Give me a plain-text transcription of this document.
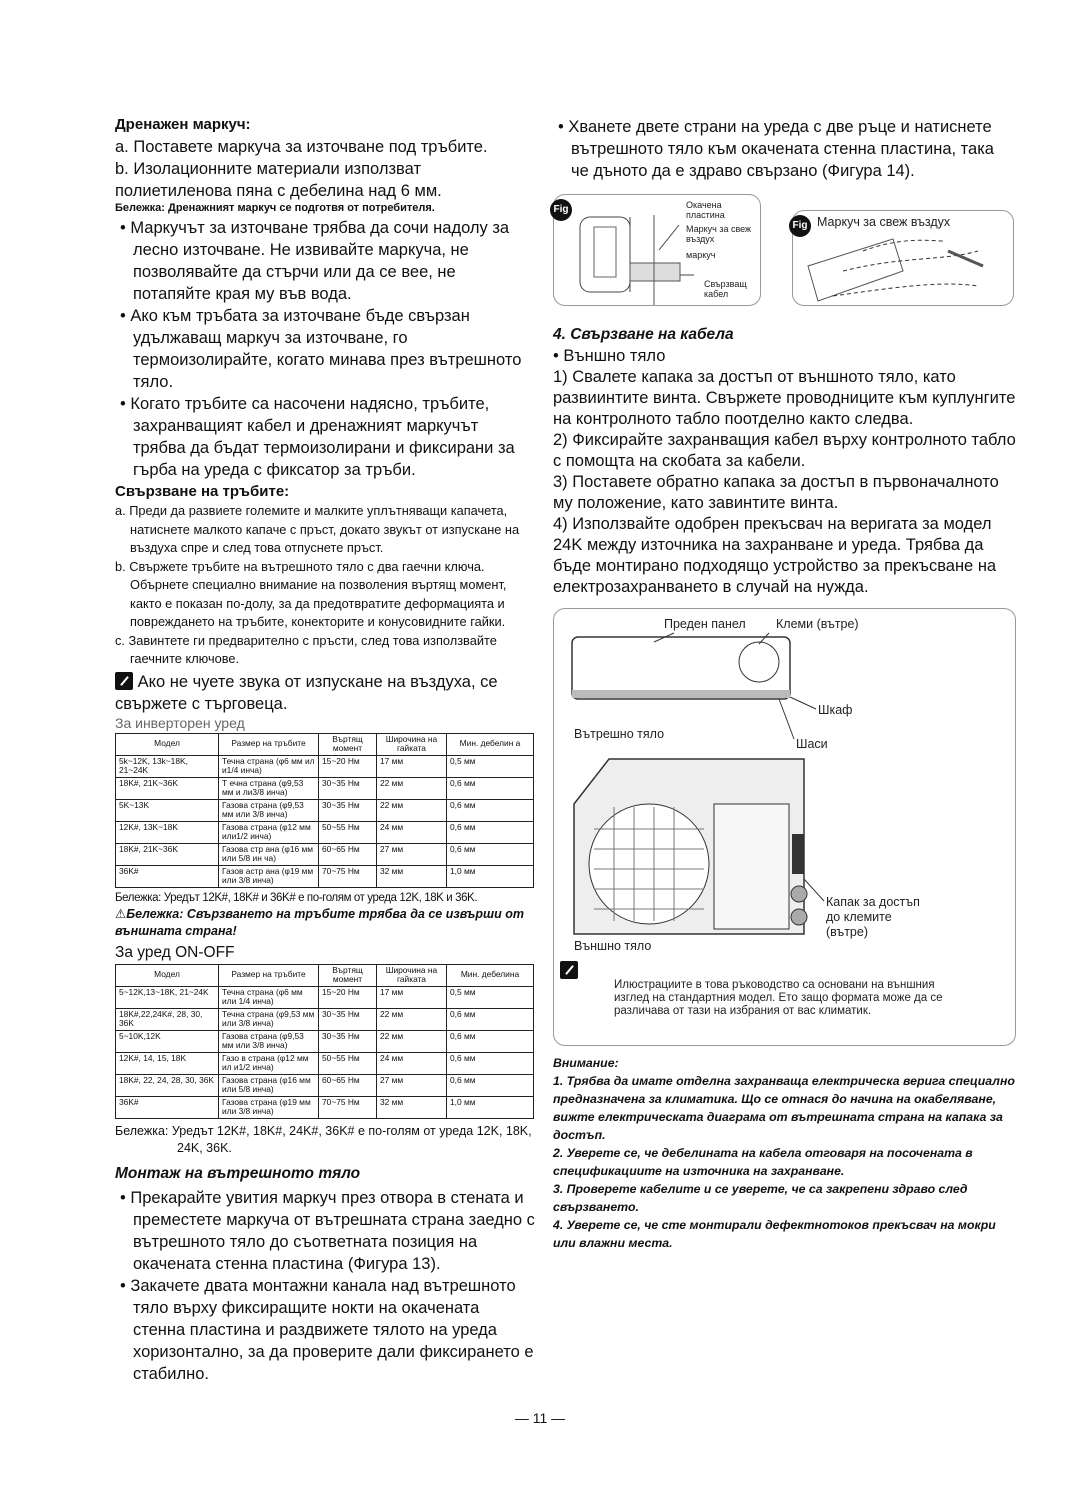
Дренажен маркуч:
a. Поставете маркуча за източване под тръбите.
b. Изолационните материали използват полиетиленова пяна с дебелина над 6 мм.
Бележка: Дренажният маркуч се подготвя от потребителя.
• Маркучът за източване трябва да сочи надолу за лесно източване. Не извивайте маркуча, не позволявайте да стърчи или да се вее, не потапяйте края му във вода.
• Ако към тръбата за източване бъде свързан удължаващ маркуч за източване, го термоизолирайте, когато минава през вътрешното тяло.
• Когато тръбите са насочени надясно, тръбите, захранващият кабел и дренажният маркучът трябва да бъдат термоизолирани и фиксирани за гърба на уреда с фиксатор за тръби.
Свързване на тръбите:
a. Преди да развиете големите и малките уплътняващи капачета, натиснете малкото капаче с пръст, докато звукът от изпускане на въздуха спре и след това отпуснете пръст.
b. Свържете тръбите на вътрешното тяло с два гаечни ключа. Обърнете специално внимание на позволения въртящ момент, както е показан по-долу, за да предотвратите деформацията и повреждането на тръбите, конекторите и конусовидните гайки.
c. Завинтете ги предварително с пръсти, след това използвайте гаечните ключове.
Ако не чуете звука от изпускане на въздуха, се свържете с търговеца.
За инверторен уред
Модел	Размер на тръбите	Въртящ момент	Широчина на гайката	Мин. дебелин а
5k~12K, 13k~18K, 21~24K	Течна страна (φ6 мм ил и1/4 инча)	15~20 Нм	17 мм	0,5 мм
18K#, 21K~36K	Т ечна страна (φ9,53 мм и ли3/8 инча)	30~35 Нм	22 мм	0,6 мм
5K~13K	Газова страна (φ9,53 мм или 3/8 инча)	30~35 Нм	22 мм	0,6 мм
12K#, 13K~18K	Газова страна (φ12 мм или1/2 инча)	50~55 Нм	24 мм	0,6 мм
18K#, 21K~36K	Газова стр ана (φ16 мм или 5/8 ин ча)	60~65 Нм	27 мм	0,6 мм
36K#	Газов астр ана (φ19 мм или 3/8 инча)	70~75 Нм	32 мм	1,0 мм
Бележка: Уредът 12K#, 18K# и 36K# е по-голям от уреда 12K, 18K и 36K.
⚠Бележка: Свързването на тръбите трябва да се извърши от външната страна!
За уред ON-OFF
Модел	Размер на тръбите	Въртящ момент	Широчина на гайката	Мин. дебелина
5~12K,13~18K, 21~24K	Течна страна (φ6 мм или 1/4 инча)	15~20 Нм	17 мм	0,5 мм
18K#,22,24K#, 28, 30, 36K	Течна страна (φ9,53 мм или 3/8 инча)	30~35 Нм	22 мм	0,6 мм
5~10K,12K	Газова страна (φ9,53 мм или 3/8 инча)	30~35 Нм	22 мм	0,6 мм
12K#, 14, 15, 18K	Газо в страна (φ12 мм ил и1/2 инча)	50~55 Нм	24 мм	0,6 мм
18K#, 22, 24, 28, 30, 36K	Газова страна (φ16 мм или 5/8 инча)	60~65 Нм	27 мм	0,6 мм
36K#	Газова страна (φ19 мм или 3/8 инча)	70~75 Нм	32 мм	1,0 мм
Бележка: Уредът 12K#, 18K#, 24K#, 36K# е по-голям от уреда 12K, 18K, 24K, 36K.
Монтаж на вътрешното тяло
• Прекарайте увития маркуч през отвора в стената и преместете маркуча от вътрешната страна заедно с вътрешното тяло до съответната позиция на окачената стенна пластина (Фигура 13).
• Закачете двата монтажни канала над вътрешното тяло върху фиксиращите нокти на окачената стенна пластина и раздвижете тялото на уреда хоризонтално, за да проверите дали фиксирането е стабилно.
• Хванете двете страни на уреда с две ръце и натиснете вътрешното тяло към окачената стенна пластина, така че дъното да е здраво свързано (Фигура 14).
Fig 13
Окачена пластина
Маркуч за свеж въздух
маркуч
Свързващ кабел
Fig 14
Маркуч за свеж въздух
4. Свързване на кабела
• Външно тяло
1) Свалете капака за достъп от външното тяло, като развиинтите винта. Свържете проводниците към куплунгите на контролното табло поотделно както следва.
2) Фиксирайте захранващия кабел върху контролното табло с помощта на скобата за кабели.
3) Поставете обратно капака за достъп в първоначалното му положение, като завинтите винта.
4) Използвайте одобрен прекъсвач на веригата за модел 24K между източника на захранване и уреда. Трябва да бъде монтирано подходящо устройство за прекъсване на електрозахранването в случай на нужда.
Преден панел Клеми (вътре)
Шкаф
Вътрешно тяло
Шаси
Капак за достъп до клемите (вътре)
Външно тяло
Илюстрациите в това ръководство са основани на външния изглед на стандартния модел. Ето защо формата може да се различава от тази на избрания от вас климатик.
Внимание:
1. Трябва да имате отделна захранваща електрическа верига специално предназначена за климатика. Що се отнася до начина на окабеляване, вижте електрическата диаграма от вътрешната страна на капака за достъп.
2. Уверете се, че дебелината на кабела отговаря на посочената в спецификациите на източника на захранване.
3. Проверете кабелите и се уверете, че са закрепени здраво след свързването.
4. Уверете се, че сте монтирали дефектнотоков прекъсвач на мокри или влажни места.
— 11 —
